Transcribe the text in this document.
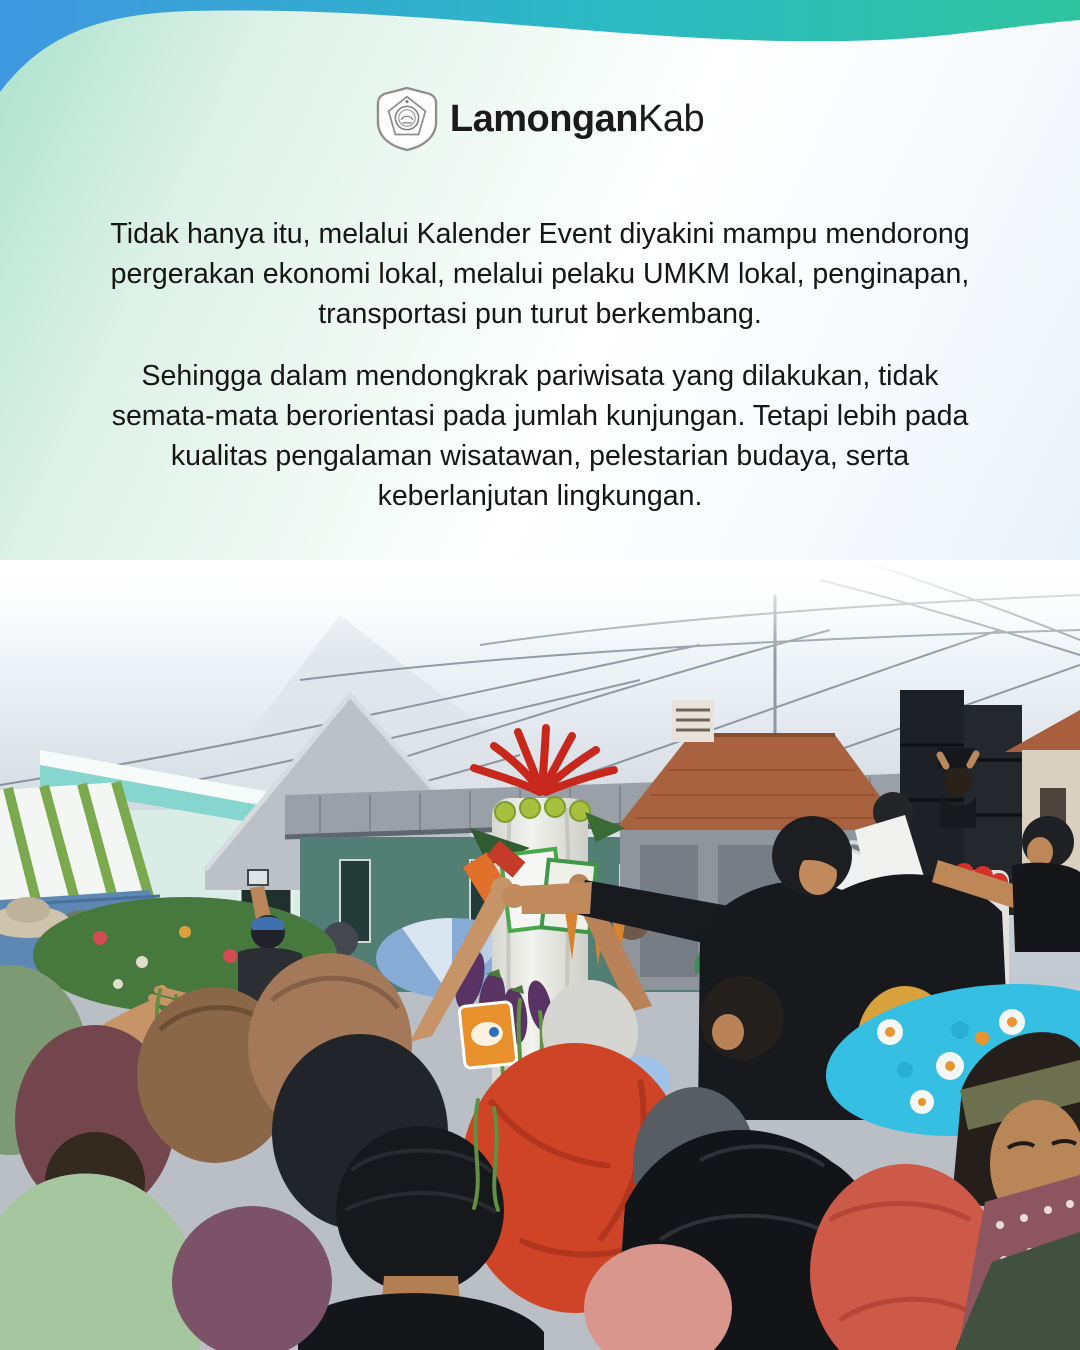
LamonganKab
Tidak hanya itu, melalui Kalender Event diyakini mampu mendorong
pergerakan ekonomi lokal, melalui pelaku UMKM lokal, penginapan,
transportasi pun turut berkembang.
Sehingga dalam mendongkrak pariwisata yang dilakukan, tidak
semata-mata berorientasi pada jumlah kunjungan. Tetapi lebih pada
kualitas pengalaman wisatawan, pelestarian budaya, serta
keberlanjutan lingkungan.
